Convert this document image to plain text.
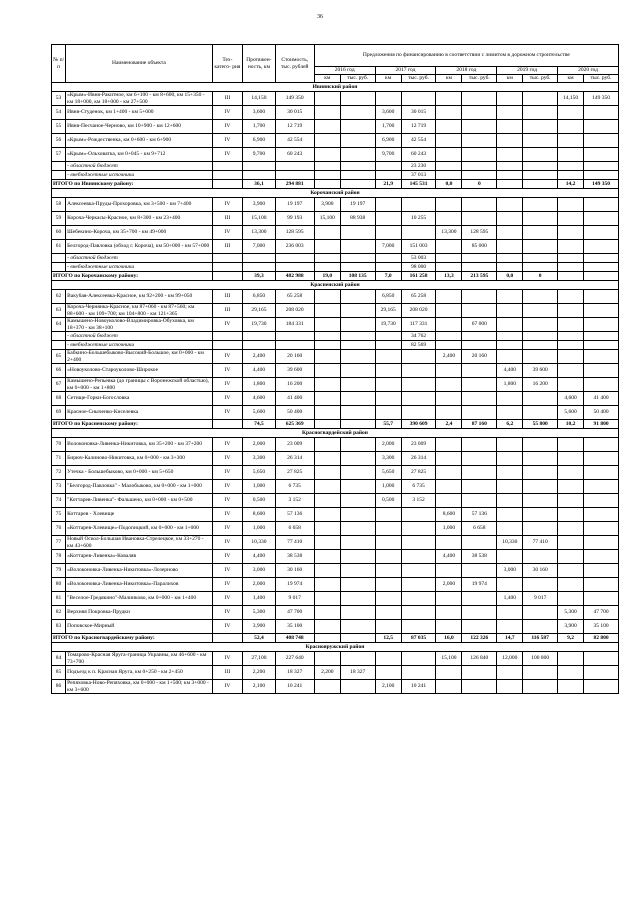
36
№ п/п	Наименование объекта	Тех- катего- рия	Протяжен- ность, км	Стоимость, тыс. рублей	Предложения по финансированию в соответствии с лимитом в дорожном строительстве									
					2016 год		2017 год		2018 год		2019 год		2020 год	
					км	тыс. руб.	км	тыс. руб.	км	тыс. руб.	км	тыс. руб.	км	тыс. руб.
Ивнянский район														
53	«Крым»-Ивня-Ракитное, км 6+100 - км 8+600, км 15+350 - км 18+000, км 18+000 - км 27+500	III	14,150	149 350									14,150	149 350
54	Ивня-Студенок, км 1+400 - км 5+000	IV	3,600	30 015			3,600	30 015						
55	Ивня-Песчаное-Черново, км 10+900 - км 12+600	IV	1,700	12 719			1,700	12 719						
56	«Крым»-Рождественка, км 0+600 - км 6+900	IV	6,900	42 554			6,900	42 554						
57	«Крым»-Ольховатка, км 0+045 - км 9+712	IV	9,700	60 243			9,700	60 243						
	- областной бюджет							23 230						
	- внебюджетные источники							37 013						
ИТОГО по Ивнянскому району:			36,1	294 881			21,9	145 531	0,0	0			14,2	149 350
Корочанский район														
58	Алексеевка-Пруды-Прохоровка, км 3+500 - км 7+400	IV	3,900	19 197	3,900	19 197								
59	Короча-Черкасы-Красное, км 8+300 - км 23+400	III	15,100	99 193	15,100	88 938		10 255						
60	Шебекино-Короча, км 35+700 - км 49+000	IV	13,300	128 595					13,300	128 595				
61	Белгород-Павловка (обход г. Короча), км 50+000 - км 57+000	III	7,000	236 003			7,000	151 003		85 000				
	- областной бюджет							53 003						
	- внебюджетные источники							98 000						
ИТОГО по Корочанскому району:			39,3	482 988	19,0	108 135	7,0	161 258	13,3	213 595	0,0	0		
Красненский район														
62	Ваку6ая-Алексеевка-Красное, км 92+200 - км 99+050	III	6,850	65 258			6,850	65 258						
63	Короча-Чернянка-Красное, км 87+060 - км 87+560; км 88+600 - км 109+700; км 104+800 - км 121+365	III	29,165	208 020			29,165	208 020						
64	Камышено-Новоуколово-Владимировка-Обуховка, км 18+370 - км 38+100	IV	19,730	184 331			19,730	117 331		67 000				
	- областной бюджет							34 762						
	- внебюджетные источники							82 569						
65	Бабкино-Большебыково-Высокий-Большое, км 0+000 - км 2+400	IV	2,400	20 160					2,400	20 160				
66	«Новоуколово-Староуколово-Широкое	IV	4,400	39 600							4,400	39 600		
67	Камышено-Репьевка (до границы с Воронежской областью), км 0+000 - км 1+800	IV	1,800	16 200							1,800	16 200		
68	Сетище-Горки-Богословка	IV	4,600	41 400									4,600	41 400
69	Красное-Сныченко-Киселевка	IV	5,600	50 400									5,600	50 400
ИТОГО по Красненскому району:			74,5	625 369			55,7	390 609	2,4	87 160	6,2	55 800	10,2	91 800
Красногвардейский район														
70	Волоконовка-Ливенка-Никитовка, км 35+200 - км 37+200	IV	2,000	23 009			2,000	23 009						
71	Бирюч-Калиново-Никитовка, км 0+000 - км 3+300	IV	3,300	26 314			3,300	26 314						
72	Утечка - Большебыково, км 0+000 - км 5+650	IV	5,650	27 825			5,650	27 825						
73	"Белгород-Павловка" - Малобыково, км 0+000 - км 1+000	IV	1,000	6 735			1,000	6 735						
74	"Коттарев-Ливенка"- Фальшено, км 0+000 - км 0+500	IV	0,500	3 152			0,500	3 152						
75	Коттарев - Хлевище	IV	8,600	57 136					8,600	57 136				
76	«Коттарев-Хлевище»-Подопицкий, км 0+000 - км 1+000	IV	1,000	6 658					1,000	6 658				
77	Новый Оскол-Большая Ивановка-Стрелецкое, км 33+270 - км 43+600	IV	10,330	77 410							10,330	77 410		
78	«Коттарев-Ливенка»-Коваляв	IV	4,400	38 538					4,400	38 538				
79	«Волоконовка-Ливенка-Никитовка»-Лозерново	IV	3,000	30 160							3,000	30 160		
80	«Волоконовка-Ливенка-Никитовка»-Паралихов	IV	2,000	19 974					2,000	19 974				
81	"Веселое-Гредякино"-Малинково, км 0+000 - км 1+400	IV	1,400	9 017							1,400	9 017		
82	Верхняя Покровка-Прудки	IV	5,300	47 700									5,300	47 700
83	Поповское-Мирный	IV	3,900	35 100									3,900	35 100
ИТОГО по Красногвардейскому району:			52,4	408 748			12,5	87 035	16,0	122 326	14,7	116 587	9,2	82 800
Краснояружский район														
84	Томарово-Красная Яруга-граница Украины, км 46+600 - км 73+700	IV	27,100	227 640					15,100	126 840	12,000	100 800		
85	Подъезд к п. Красная Яруга, км 0+250 - км 2+450	III	2,200	18 327	2,200	18 327								
86	Репяховка-Ново-Репяховка, км 0+000 - км 1+500; км 3+000 - км 3+600	IV	2,100	10 241			2,100	10 241						
